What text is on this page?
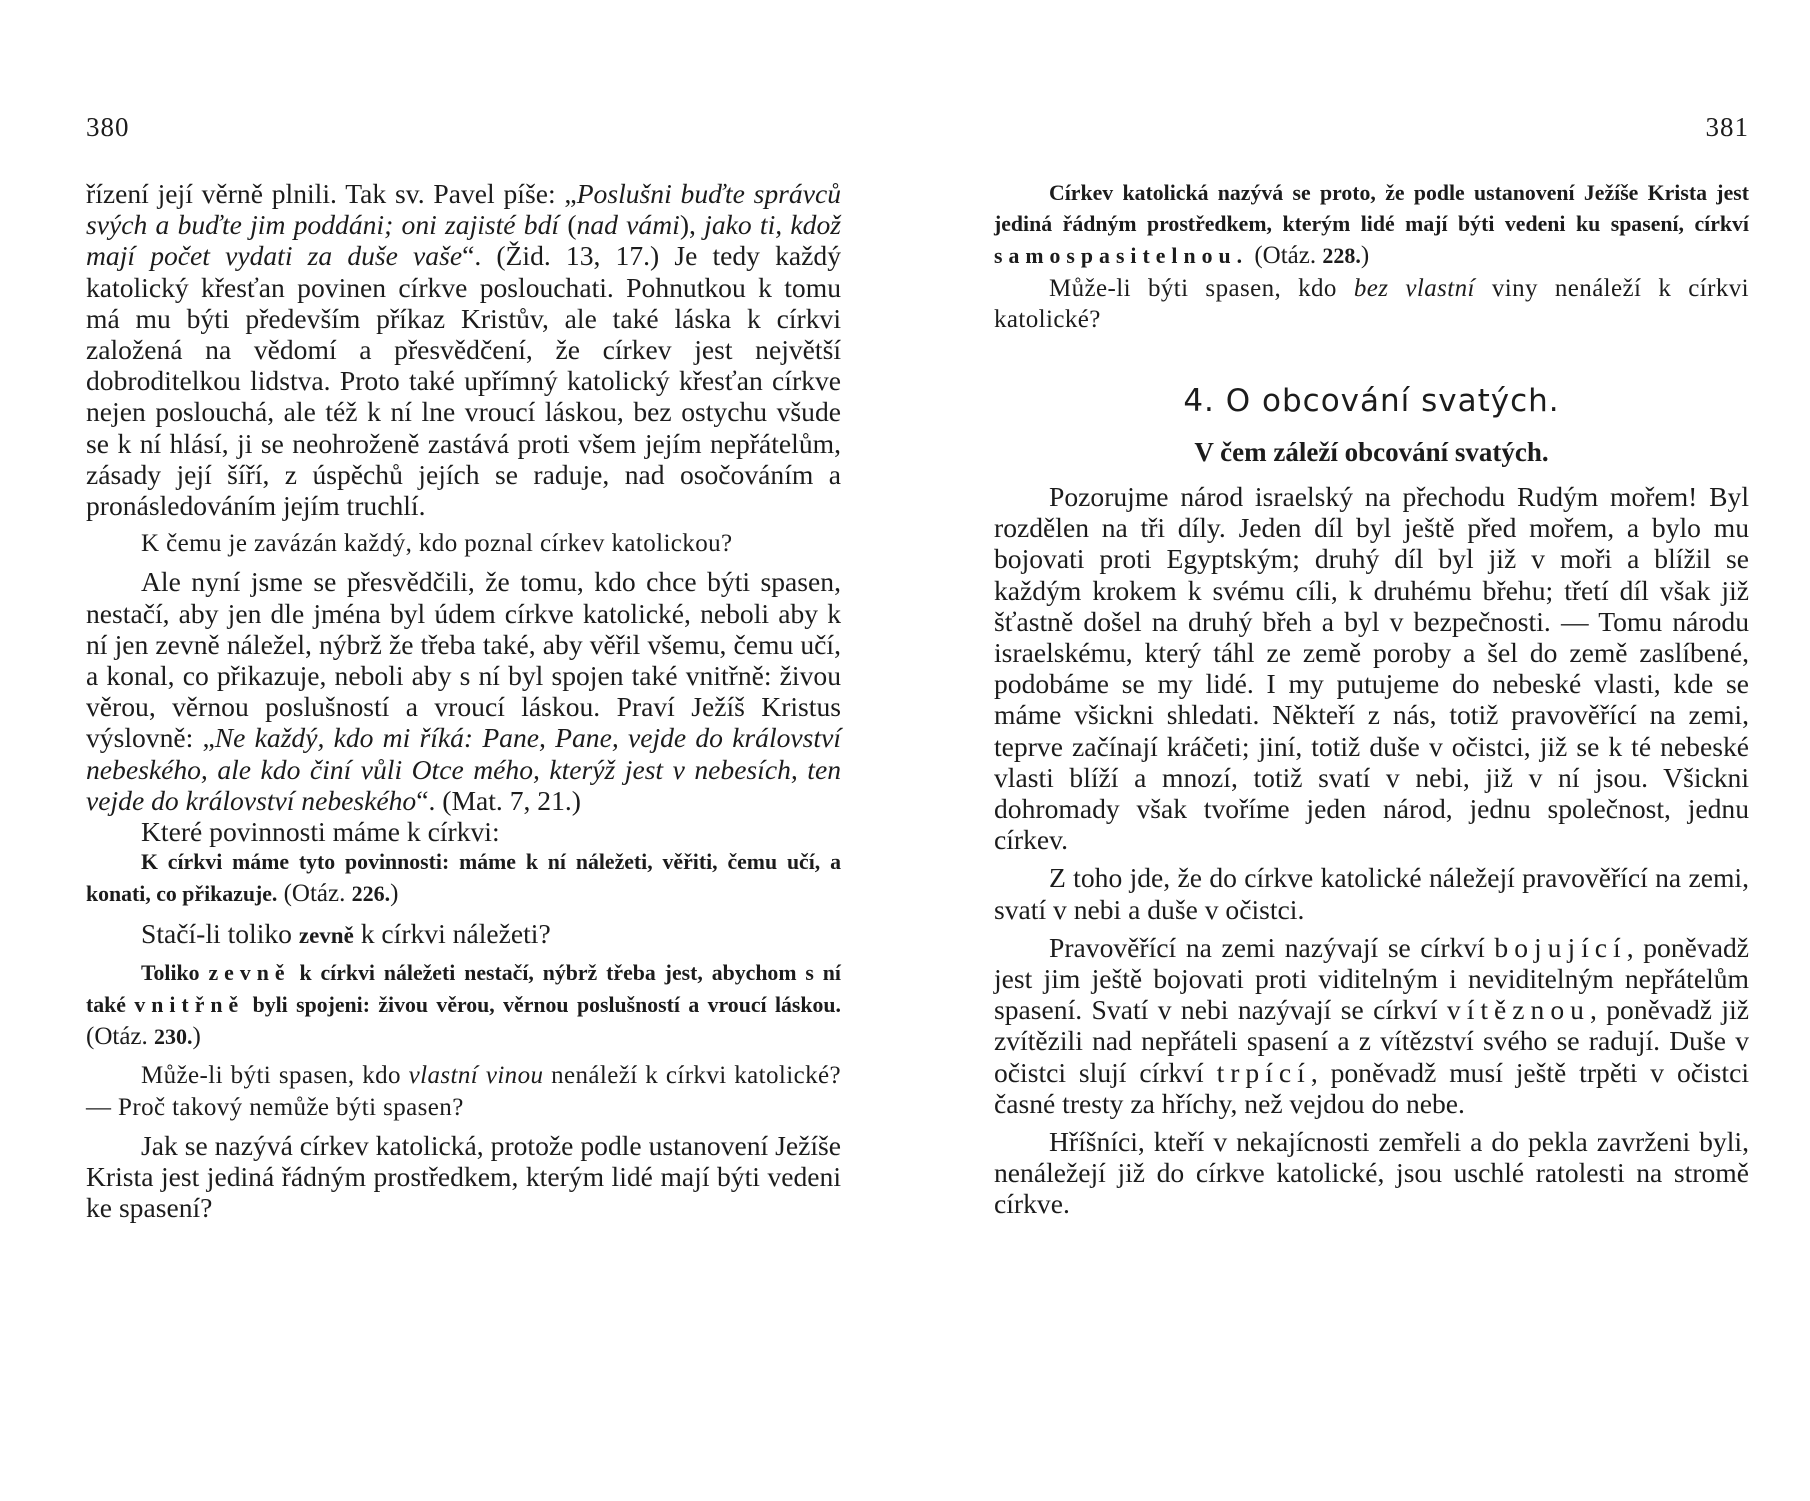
380

řízení její věrně plnili. Tak sv. Pavel píše: „Poslušni buďte správců svých a buďte jim poddáni; oni zajisté bdí (nad vámi), jako ti, kdož mají počet vydati za duše vaše“. (Žid. 13, 17.) Je tedy každý katolický křesťan povinen církve poslouchati. Pohnutkou k tomu má mu býti především příkaz Kristův, ale také láska k církvi založená na vědomí a přesvědčení, že církev jest největší dobroditelkou lidstva. Proto také upřímný katolický křesťan církve nejen poslouchá, ale též k ní lne vroucí láskou, bez ostychu všude se k ní hlásí, ji se neohroženě zastává proti všem jejím nepřátelům, zásady její šíří, z úspěchů jejích se raduje, nad osočováním a pronásledováním jejím truchlí.

K čemu je zavázán každý, kdo poznal církev katolickou?

Ale nyní jsme se přesvědčili, že tomu, kdo chce býti spasen, nestačí, aby jen dle jména byl údem církve katolické, neboli aby k ní jen zevně náležel, nýbrž že třeba také, aby věřil všemu, čemu učí, a konal, co přikazuje, neboli aby s ní byl spojen také vnitřně: živou věrou, věrnou poslušností a vroucí láskou. Praví Ježíš Kristus výslovně: „Ne každý, kdo mi říká: Pane, Pane, vejde do království nebeského, ale kdo činí vůli Otce mého, kterýž jest v nebesích, ten vejde do království nebeského“. (Mat. 7, 21.)

Které povinnosti máme k církvi:

K církvi máme tyto povinnosti: máme k ní náležeti, věřiti, čemu učí, a konati, co přikazuje. (Otáz. 226.)

Stačí-li toliko zevně k církvi náležeti?

Toliko zevně k církvi náležeti nestačí, nýbrž třeba jest, abychom s ní také vnitřně byli spojeni: živou věrou, věrnou poslušností a vroucí láskou. (Otáz. 230.)

Může-li býti spasen, kdo vlastní vinou nenáleží k církvi katolické? — Proč takový nemůže býti spasen?

Jak se nazývá církev katolická, protože podle ustanovení Ježíše Krista jest jediná řádným prostředkem, kterým lidé mají býti vedeni ke spasení?

381

Církev katolická nazývá se proto, že podle ustanovení Ježíše Krista jest jediná řádným prostředkem, kterým lidé mají býti vedeni ku spasení, církví samospasitelnou. (Otáz. 228.)

Může-li býti spasen, kdo bez vlastní viny nenáleží k církvi katolické?

4. O obcování svatých.
V čem záleží obcování svatých.

Pozorujme národ israelský na přechodu Rudým mořem! Byl rozdělen na tři díly. Jeden díl byl ještě před mořem, a bylo mu bojovati proti Egyptským; druhý díl byl již v moři a blížil se každým krokem k svému cíli, k druhému břehu; třetí díl však již šťastně došel na druhý břeh a byl v bezpečnosti. — Tomu národu israelskému, který táhl ze země poroby a šel do země zaslíbené, podobáme se my lidé. I my putujeme do nebeské vlasti, kde se máme všickni shledati. Někteří z nás, totiž pravověřící na zemi, teprve začínají kráčeti; jiní, totiž duše v očistci, již se k té nebeské vlasti blíží a mnozí, totiž svatí v nebi, již v ní jsou. Všickni dohromady však tvoříme jeden národ, jednu společnost, jednu církev.

Z toho jde, že do církve katolické náležejí pravověřící na zemi, svatí v nebi a duše v očistci.

Pravověřící na zemi nazývají se církví bojující, poněvadž jest jim ještě bojovati proti viditelným i neviditelným nepřátelům spasení. Svatí v nebi nazývají se církví vítěznou, poněvadž již zvítězili nad nepřáteli spasení a z vítězství svého se radují. Duše v očistci slují církví trpící, poněvadž musí ještě trpěti v očistci časné tresty za hříchy, než vejdou do nebe.

Hříšníci, kteří v nekajícnosti zemřeli a do pekla zavrženi byli, nenáležejí již do církve katolické, jsou uschlé ratolesti na stromě církve.
